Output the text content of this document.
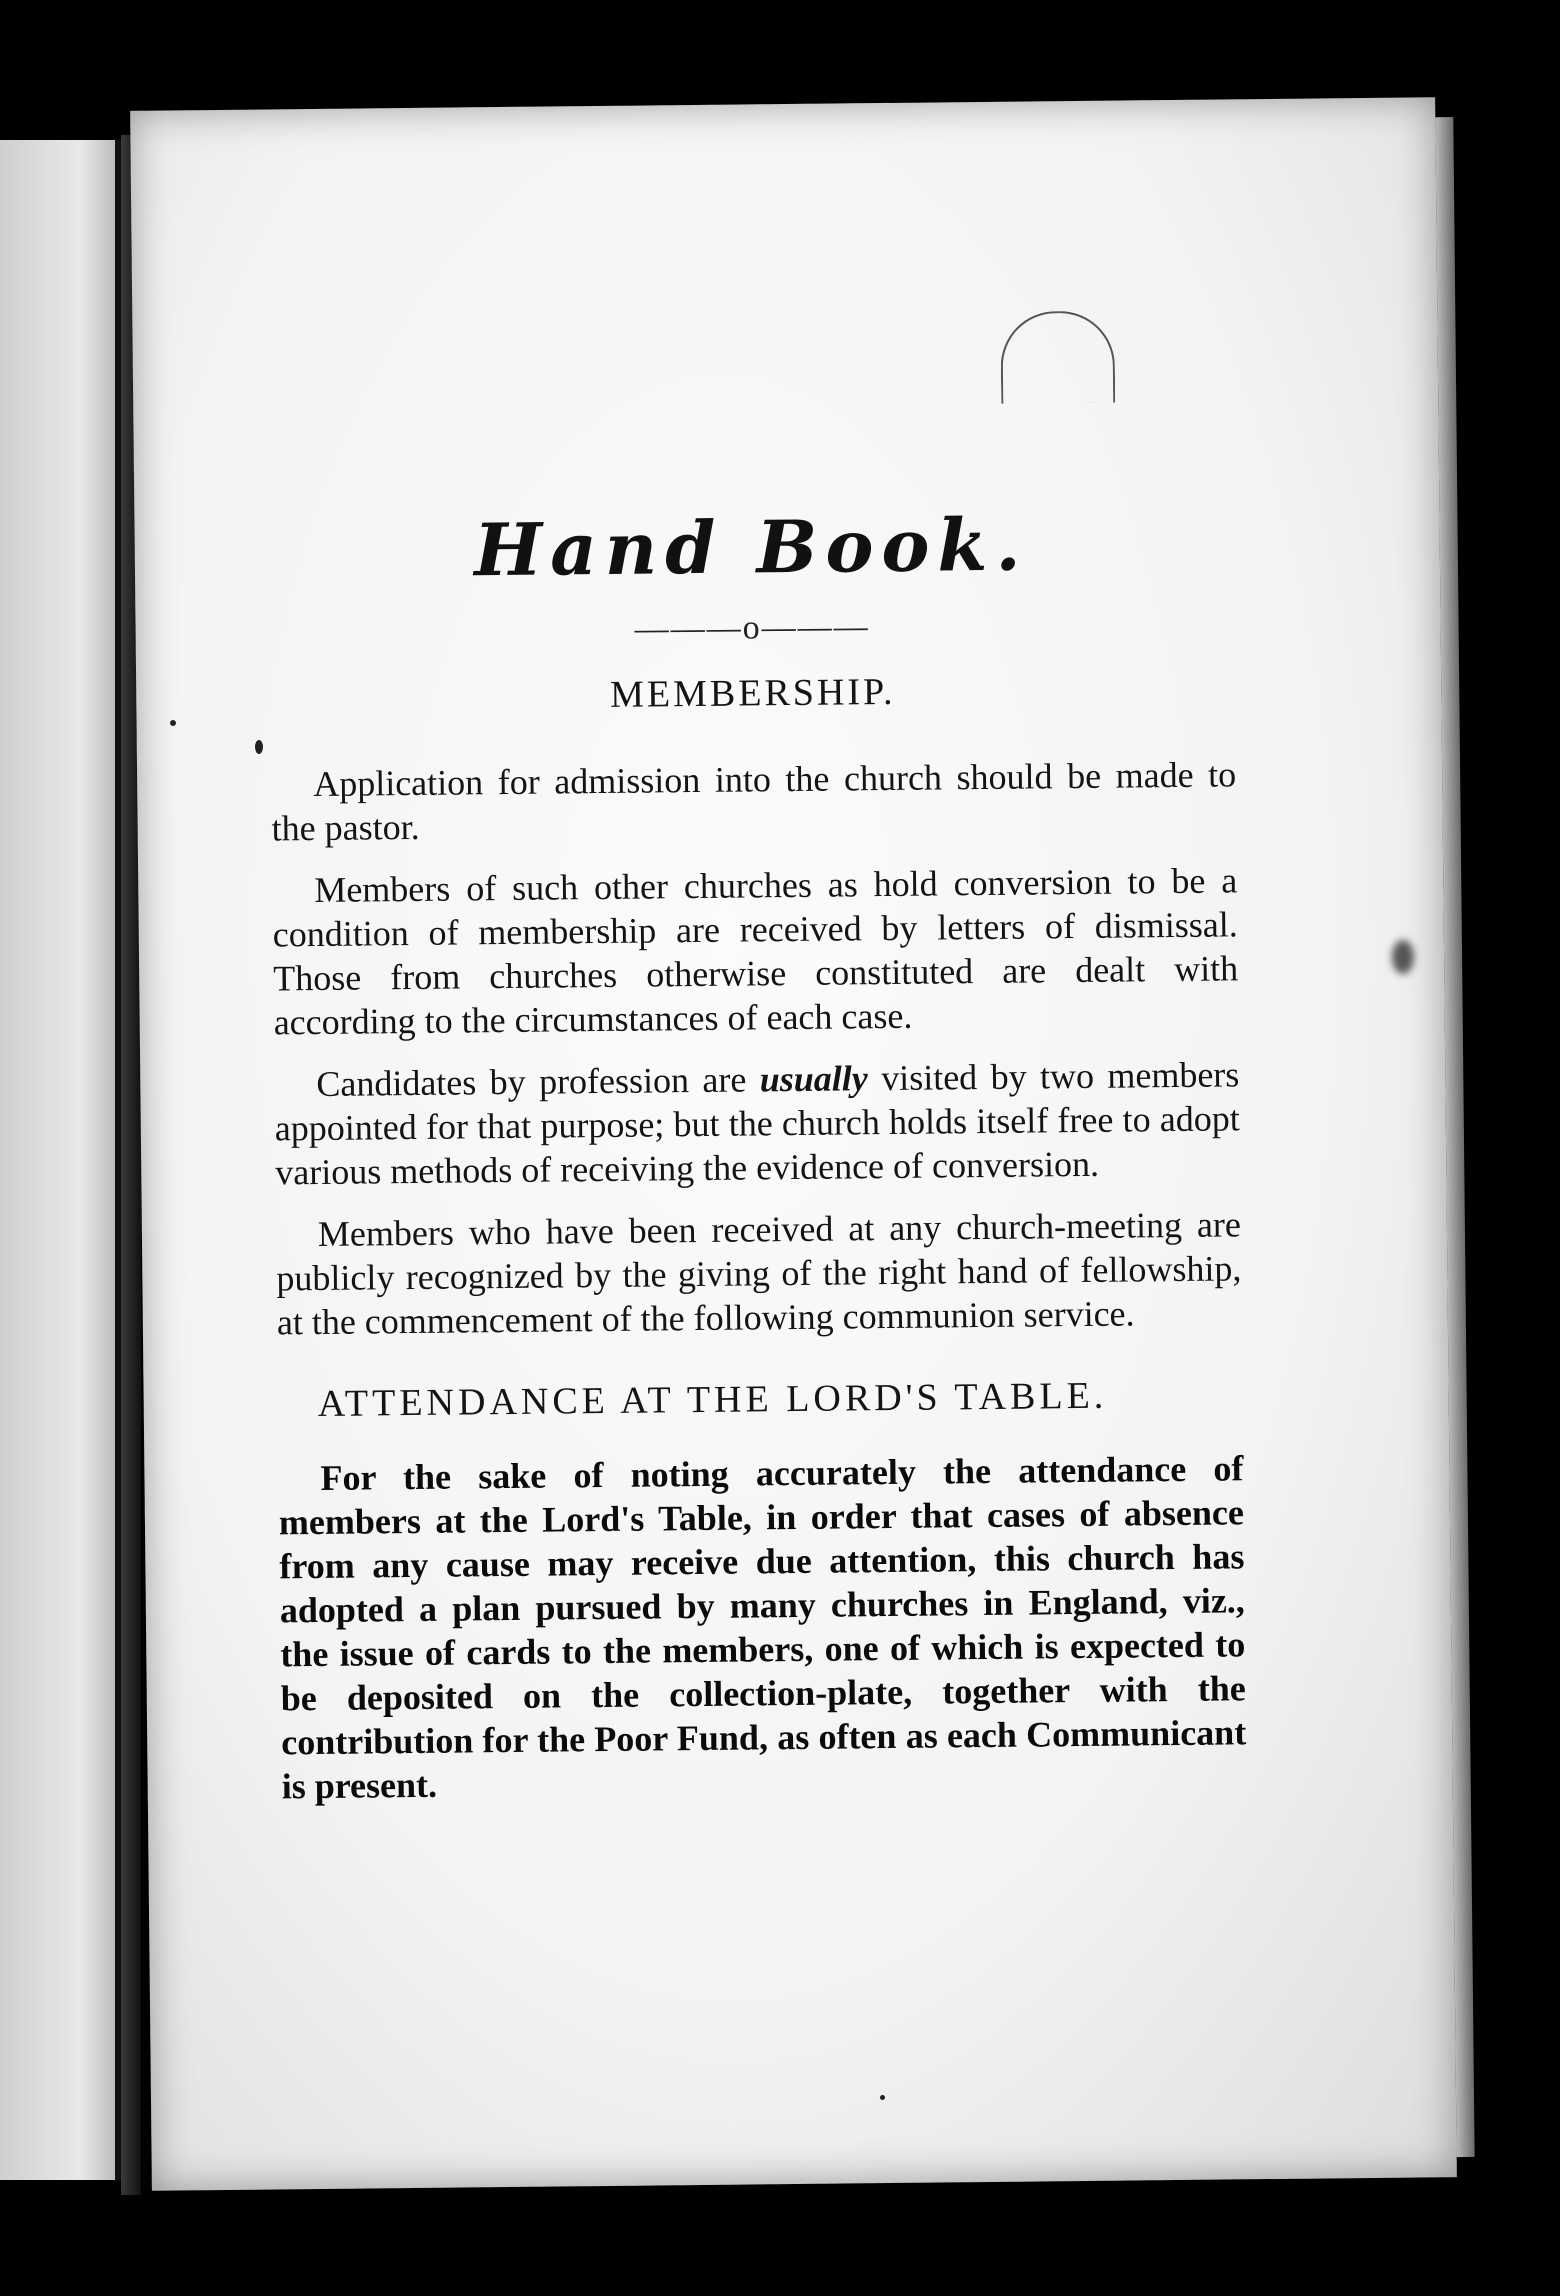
Hand Book.
———o———
MEMBERSHIP.

Application for admission into the church should be made to the pastor.

Members of such other churches as hold conversion to be a condition of membership are received by letters of dismissal. Those from churches otherwise constituted are dealt with according to the circumstances of each case.

Candidates by profession are usually visited by two members appointed for that purpose; but the church holds itself free to adopt various methods of receiving the evidence of conversion.

Members who have been received at any church-meeting are publicly recognized by the giving of the right hand of fellowship, at the commencement of the following communion service.

ATTENDANCE AT THE LORD'S TABLE.

For the sake of noting accurately the attendance of members at the Lord's Table, in order that cases of absence from any cause may receive due attention, this church has adopted a plan pursued by many churches in England, viz., the issue of cards to the members, one of which is expected to be deposited on the collection-plate, together with the contribution for the Poor Fund, as often as each Communicant is present.
